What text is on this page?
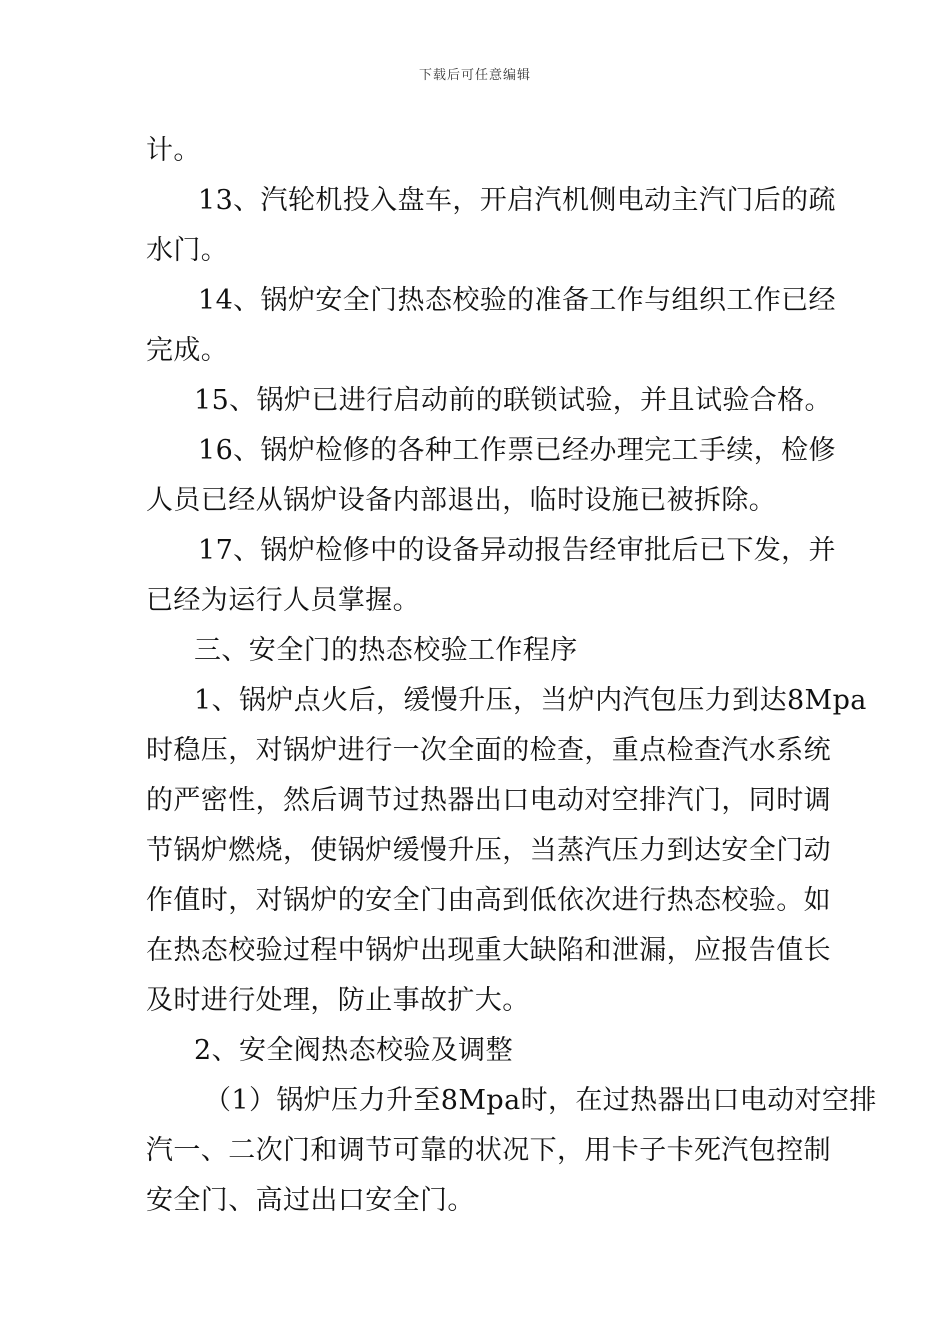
下载后可任意编辑
计。
13、汽轮机投入盘车，开启汽机侧电动主汽门后的疏
水门。
14、锅炉安全门热态校验的准备工作与组织工作已经
完成。
15、锅炉已进行启动前的联锁试验，并且试验合格。
16、锅炉检修的各种工作票已经办理完工手续，检修
人员已经从锅炉设备内部退出，临时设施已被拆除。
17、锅炉检修中的设备异动报告经审批后已下发，并
已经为运行人员掌握。
三、安全门的热态校验工作程序
1、锅炉点火后，缓慢升压，当炉内汽包压力到达8Mpa
时稳压，对锅炉进行一次全面的检查，重点检查汽水系统
的严密性，然后调节过热器出口电动对空排汽门，同时调
节锅炉燃烧，使锅炉缓慢升压，当蒸汽压力到达安全门动
作值时，对锅炉的安全门由高到低依次进行热态校验。如
在热态校验过程中锅炉出现重大缺陷和泄漏，应报告值长
及时进行处理，防止事故扩大。
2、安全阀热态校验及调整
（1）锅炉压力升至8Mpa时，在过热器出口电动对空排
汽一、二次门和调节可靠的状况下，用卡子卡死汽包控制
安全门、高过出口安全门。
